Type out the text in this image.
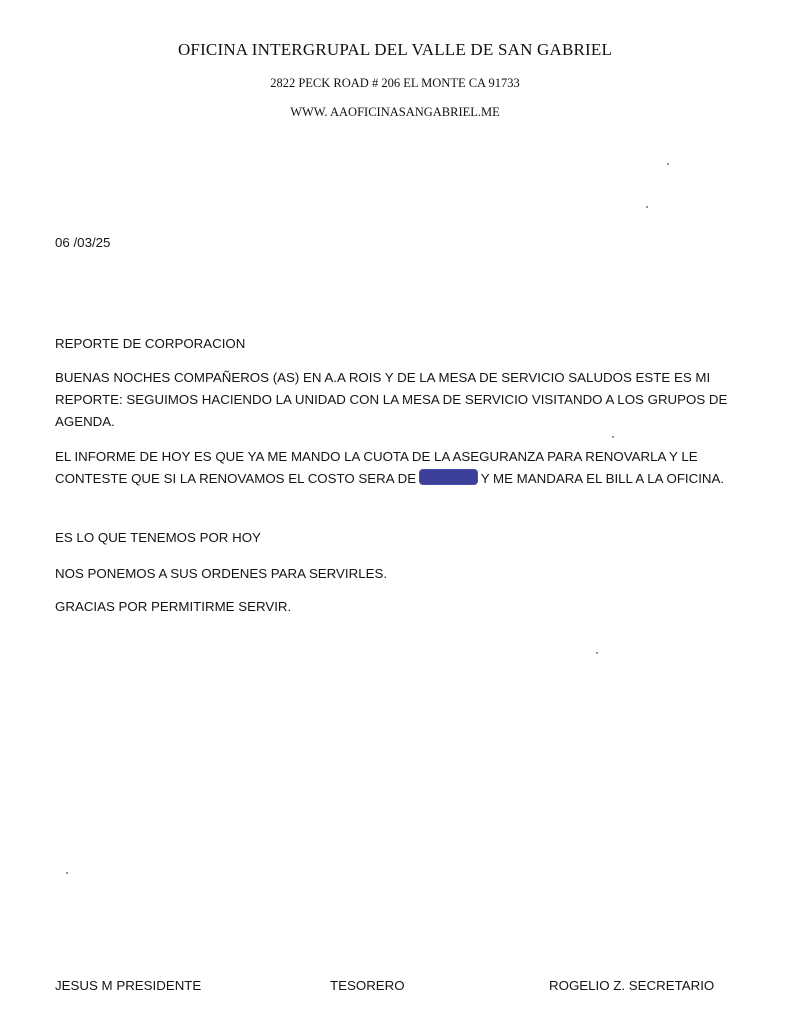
OFICINA INTERGRUPAL DEL VALLE DE SAN GABRIEL
2822 PECK ROAD # 206 EL MONTE CA 91733
WWW. AAOFICINASANGABRIEL.ME
06 /03/25
REPORTE DE CORPORACION
BUENAS NOCHES COMPAÑEROS (AS) EN A.A ROIS Y DE LA MESA DE SERVICIO SALUDOS ESTE ES MI REPORTE: SEGUIMOS HACIENDO LA UNIDAD CON LA MESA DE SERVICIO VISITANDO A LOS GRUPOS DE AGENDA.
EL INFORME DE HOY ES QUE YA ME MANDO LA CUOTA DE LA ASEGURANZA PARA RENOVARLA Y LE CONTESTE QUE SI LA RENOVAMOS EL COSTO SERA DE	Y ME MANDARA EL BILL A LA OFICINA.
ES LO QUE TENEMOS POR HOY
NOS PONEMOS A SUS ORDENES PARA SERVIRLES.
GRACIAS POR PERMITIRME SERVIR.
JESUS M PRESIDENTE	TESORERO	ROGELIO Z. SECRETARIO
